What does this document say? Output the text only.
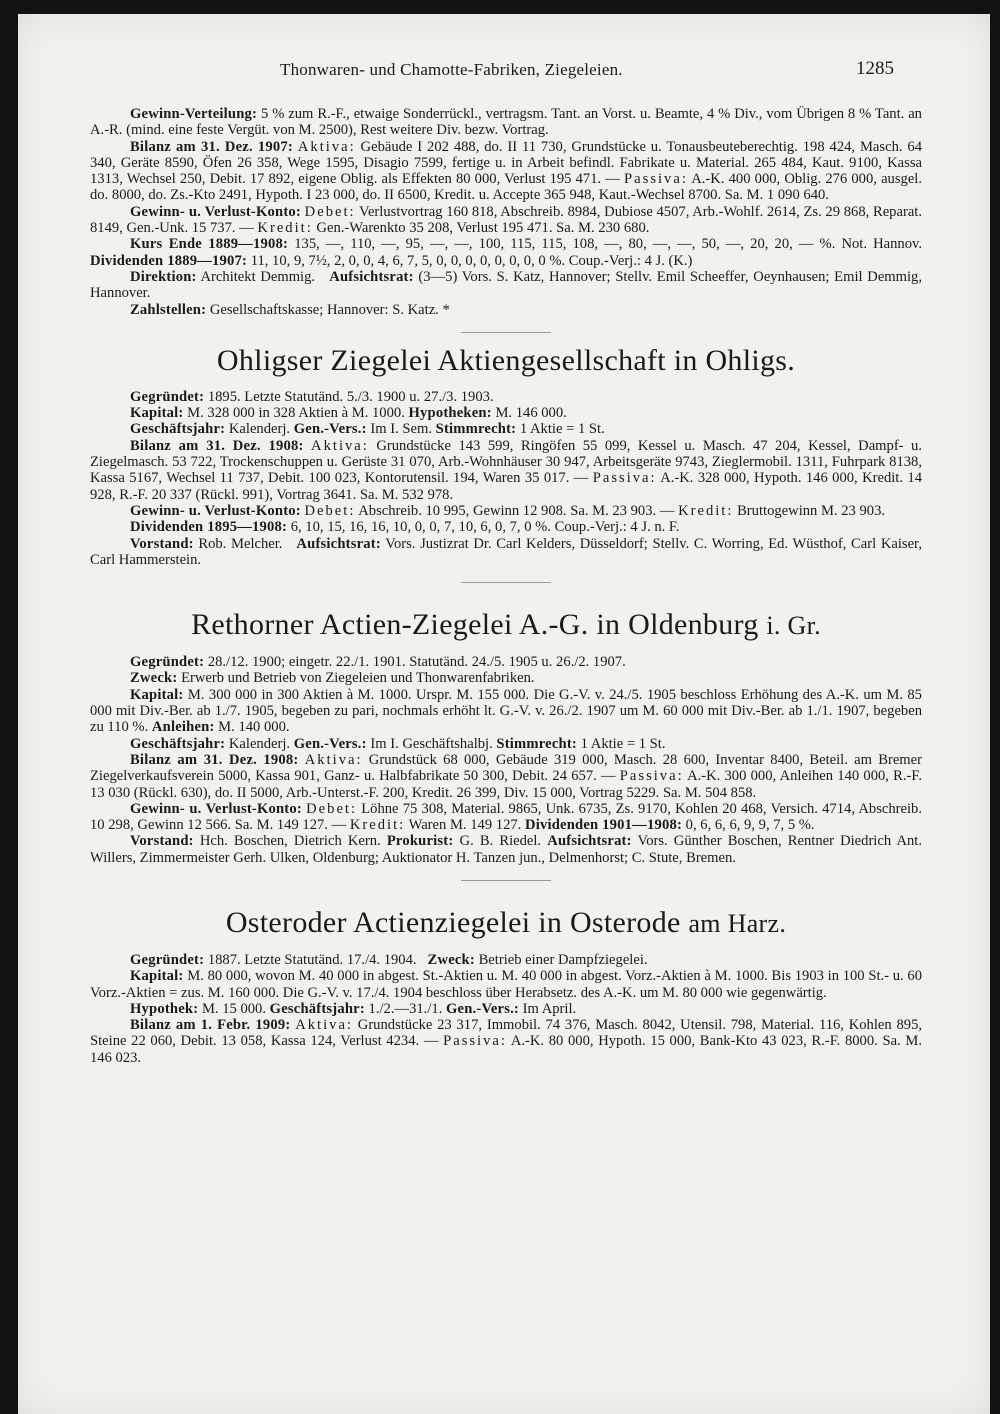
Thonwaren- und Chamotte-Fabriken, Ziegeleien.	1285

Gewinn-Verteilung: 5 % zum R.-F., etwaige Sonderrückl., vertragsm. Tant. an Vorst. u. Beamte, 4 % Div., vom Übrigen 8 % Tant. an A.-R. (mind. eine feste Vergüt. von M. 2500), Rest weitere Div. bezw. Vortrag.

Bilanz am 31. Dez. 1907: Aktiva: Gebäude I 202 488, do. II 11 730, Grundstücke u. Tonausbeuteberechtig. 198 424, Masch. 64 340, Geräte 8590, Öfen 26 358, Wege 1595, Disagio 7599, fertige u. in Arbeit befindl. Fabrikate u. Material. 265 484, Kaut. 9100, Kassa 1313, Wechsel 250, Debit. 17 892, eigene Oblig. als Effekten 80 000, Verlust 195 471. — Passiva: A.-K. 400 000, Oblig. 276 000, ausgel. do. 8000, do. Zs.-Kto 2491, Hypoth. I 23 000, do. II 6500, Kredit. u. Accepte 365 948, Kaut.-Wechsel 8700. Sa. M. 1 090 640.

Gewinn- u. Verlust-Konto: Debet: Verlustvortrag 160 818, Abschreib. 8984, Dubiose 4507, Arb.-Wohlf. 2614, Zs. 29 868, Reparat. 8149, Gen.-Unk. 15 737. — Kredit: Gen.-Warenkto 35 208, Verlust 195 471. Sa. M. 230 680.

Kurs Ende 1889—1908: 135, —, 110, —, 95, —, —, 100, 115, 115, 108, —, 80, —, —, 50, —, 20, 20, — %. Not. Hannov. Dividenden 1889—1907: 11, 10, 9, 7½, 2, 0, 0, 4, 6, 7, 5, 0, 0, 0, 0, 0, 0, 0, 0 %. Coup.-Verj.: 4 J. (K.)

Direktion: Architekt Demmig. Aufsichtsrat: (3—5) Vors. S. Katz, Hannover; Stellv. Emil Scheeffer, Oeynhausen; Emil Demmig, Hannover.

Zahlstellen: Gesellschaftskasse; Hannover: S. Katz. *

Ohligser Ziegelei Aktiengesellschaft in Ohligs.

Gegründet: 1895. Letzte Statutänd. 5./3. 1900 u. 27./3. 1903.

Kapital: M. 328 000 in 328 Aktien à M. 1000. Hypotheken: M. 146 000.

Geschäftsjahr: Kalenderj. Gen.-Vers.: Im I. Sem. Stimmrecht: 1 Aktie = 1 St.

Bilanz am 31. Dez. 1908: Aktiva: Grundstücke 143 599, Ringöfen 55 099, Kessel u. Masch. 47 204, Kessel, Dampf- u. Ziegelmasch. 53 722, Trockenschuppen u. Gerüste 31 070, Arb.-Wohnhäuser 30 947, Arbeitsgeräte 9743, Zieglermobil. 1311, Fuhrpark 8138, Kassa 5167, Wechsel 11 737, Debit. 100 023, Kontorutensil. 194, Waren 35 017. — Passiva: A.-K. 328 000, Hypoth. 146 000, Kredit. 14 928, R.-F. 20 337 (Rückl. 991), Vortrag 3641. Sa. M. 532 978.

Gewinn- u. Verlust-Konto: Debet: Abschreib. 10 995, Gewinn 12 908. Sa. M. 23 903. — Kredit: Bruttogewinn M. 23 903.

Dividenden 1895—1908: 6, 10, 15, 16, 16, 10, 0, 0, 7, 10, 6, 0, 7, 0 %. Coup.-Verj.: 4 J. n. F.

Vorstand: Rob. Melcher. Aufsichtsrat: Vors. Justizrat Dr. Carl Kelders, Düsseldorf; Stellv. C. Worring, Ed. Wüsthof, Carl Kaiser, Carl Hammerstein.

Rethorner Actien-Ziegelei A.-G. in Oldenburg i. Gr.

Gegründet: 28./12. 1900; eingetr. 22./1. 1901. Statutänd. 24./5. 1905 u. 26./2. 1907.

Zweck: Erwerb und Betrieb von Ziegeleien und Thonwarenfabriken.

Kapital: M. 300 000 in 300 Aktien à M. 1000. Urspr. M. 155 000. Die G.-V. v. 24./5. 1905 beschloss Erhöhung des A.-K. um M. 85 000 mit Div.-Ber. ab 1./7. 1905, begeben zu pari, nochmals erhöht lt. G.-V. v. 26./2. 1907 um M. 60 000 mit Div.-Ber. ab 1./1. 1907, begeben zu 110 %. Anleihen: M. 140 000.

Geschäftsjahr: Kalenderj. Gen.-Vers.: Im I. Geschäftshalbj. Stimmrecht: 1 Aktie = 1 St.

Bilanz am 31. Dez. 1908: Aktiva: Grundstück 68 000, Gebäude 319 000, Masch. 28 600, Inventar 8400, Beteil. am Bremer Ziegelverkaufsverein 5000, Kassa 901, Ganz- u. Halbfabrikate 50 300, Debit. 24 657. — Passiva: A.-K. 300 000, Anleihen 140 000, R.-F. 13 030 (Rückl. 630), do. II 5000, Arb.-Unterst.-F. 200, Kredit. 26 399, Div. 15 000, Vortrag 5229. Sa. M. 504 858.

Gewinn- u. Verlust-Konto: Debet: Löhne 75 308, Material. 9865, Unk. 6735, Zs. 9170, Kohlen 20 468, Versich. 4714, Abschreib. 10 298, Gewinn 12 566. Sa. M. 149 127. — Kredit: Waren M. 149 127. Dividenden 1901—1908: 0, 6, 6, 6, 9, 9, 7, 5 %.

Vorstand: Hch. Boschen, Dietrich Kern. Prokurist: G. B. Riedel. Aufsichtsrat: Vors. Günther Boschen, Rentner Diedrich Ant. Willers, Zimmermeister Gerh. Ulken, Oldenburg; Auktionator H. Tanzen jun., Delmenhorst; C. Stute, Bremen.

Osteroder Actienziegelei in Osterode am Harz.

Gegründet: 1887. Letzte Statutänd. 17./4. 1904. Zweck: Betrieb einer Dampfziegelei.

Kapital: M. 80 000, wovon M. 40 000 in abgest. St.-Aktien u. M. 40 000 in abgest. Vorz.-Aktien à M. 1000. Bis 1903 in 100 St.- u. 60 Vorz.-Aktien = zus. M. 160 000. Die G.-V. v. 17./4. 1904 beschloss über Herabsetz. des A.-K. um M. 80 000 wie gegenwärtig.

Hypothek: M. 15 000. Geschäftsjahr: 1./2.—31./1. Gen.-Vers.: Im April.

Bilanz am 1. Febr. 1909: Aktiva: Grundstücke 23 317, Immobil. 74 376, Masch. 8042, Utensil. 798, Material. 116, Kohlen 895, Steine 22 060, Debit. 13 058, Kassa 124, Verlust 4234. — Passiva: A.-K. 80 000, Hypoth. 15 000, Bank-Kto 43 023, R.-F. 8000. Sa. M. 146 023.
